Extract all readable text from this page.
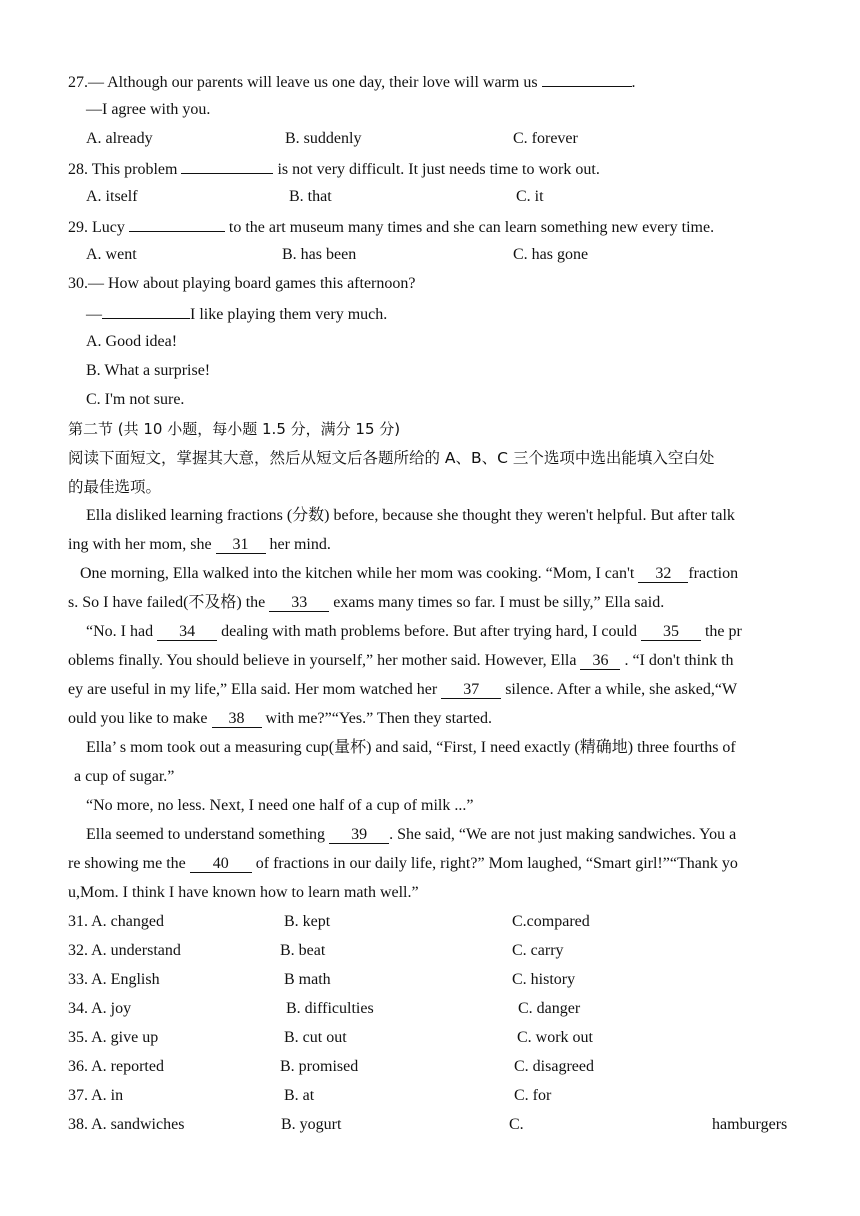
27.— Although our parents will leave us one day, their love will warm us	.
—I agree with you.
A. already	B. suddenly	C. forever
28. This problem	is not very difficult. It just needs time to work out.
A. itself	B. that	C. it
29. Lucy	to the art museum many times and she can learn something new every time.
A. went	B. has been	C. has gone
30.— How about playing board games this afternoon?
—	I like playing them very much.
A. Good idea!
B. What a surprise!
C. I'm not sure.
第二节 (共 10 小题，每小题 1.5 分，满分 15 分)
阅读下面短文，掌握其大意，然后从短文后各题所给的 A、B、C 三个选项中选出能填入空白处
的最佳选项。
Ella disliked learning fractions (分数) before, because she thought they weren't helpful. But after talk
ing with her mom, she 31 her mind.
One morning, Ella walked into the kitchen while her mom was cooking. “Mom, I can't 32 fraction
s. So I have failed(不及格) the 33 exams many times so far. I must be silly,” Ella said.
“No. I had 34 dealing with math problems before. But after trying hard, I could 35 the pr
oblems finally. You should believe in yourself,” her mother said. However, Ella 36 . “I don't think th
ey are useful in my life,” Ella said. Her mom watched her 37 silence. After a while, she asked,“W
ould you like to make 38 with me?”“Yes.” Then they started.
Ella’ s mom took out a measuring cup(量杯) and said, “First, I need exactly (精确地) three fourths of
a cup of sugar.”
“No more, no less. Next, I need one half of a cup of milk ...”
Ella seemed to understand something 39 . She said, “We are not just making sandwiches. You a
re showing me the 40 of fractions in our daily life, right?” Mom laughed, “Smart girl!”“Thank yo
u,Mom. I think I have known how to learn math well.”
31. A. changed	B. kept	C.compared
32. A. understand	B. beat	C. carry
33. A. English	B math	C. history
34. A. joy	B. difficulties	C. danger
35. A. give up	B. cut out	C. work out
36. A. reported	B. promised	C. disagreed
37. A. in	B. at	C. for
38. A. sandwiches	B. yogurt	C.	hamburgers
